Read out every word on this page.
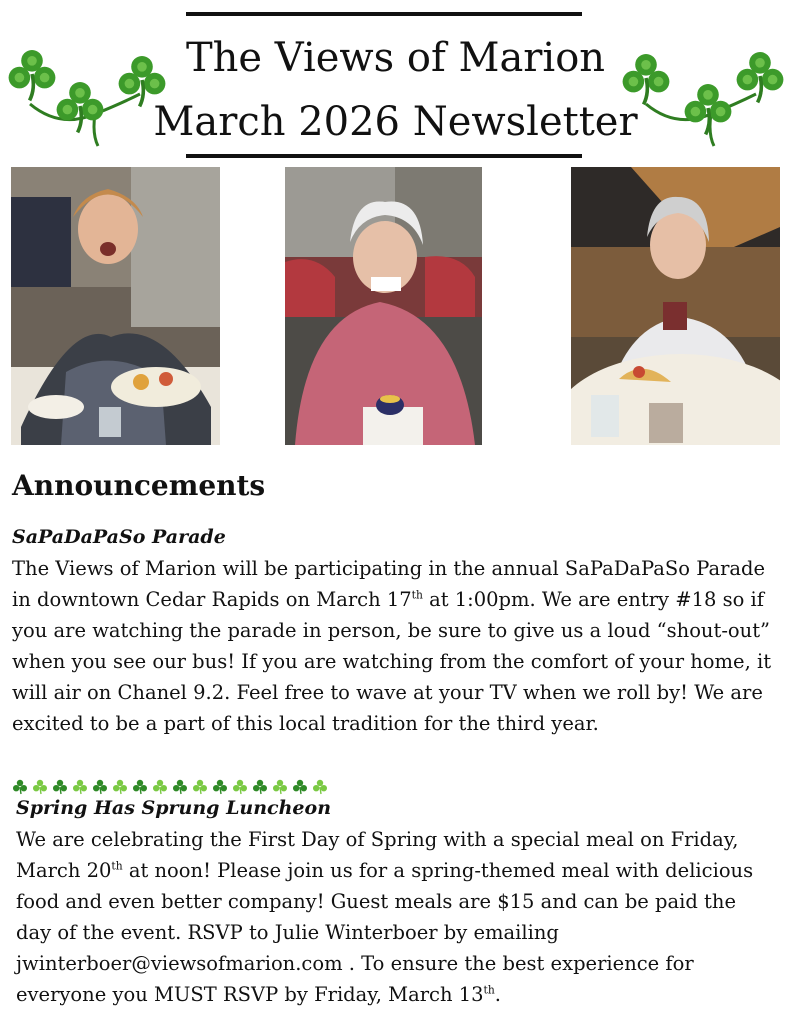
The Views of Marion
March 2026 Newsletter
Announcements
SaPaDaPaSo Parade

The Views of Marion will be participating in the annual SaPaDaPaSo Parade in downtown Cedar Rapids on March 17th at 1:00pm. We are entry #18 so if you are watching the parade in person, be sure to give us a loud “shout-out” when you see our bus! If you are watching from the comfort of your home, it will air on Chanel 9.2. Feel free to wave at your TV when we roll by! We are excited to be a part of this local tradition for the third year.

Spring Has Sprung Luncheon

We are celebrating the First Day of Spring with a special meal on Friday, March 20th at noon! Please join us for a spring-themed meal with delicious food and even better company! Guest meals are $15 and can be paid the day of the event. RSVP to Julie Winterboer by emailing jwinterboer@viewsofmarion.com . To ensure the best experience for everyone you MUST RSVP by Friday, March 13th.
